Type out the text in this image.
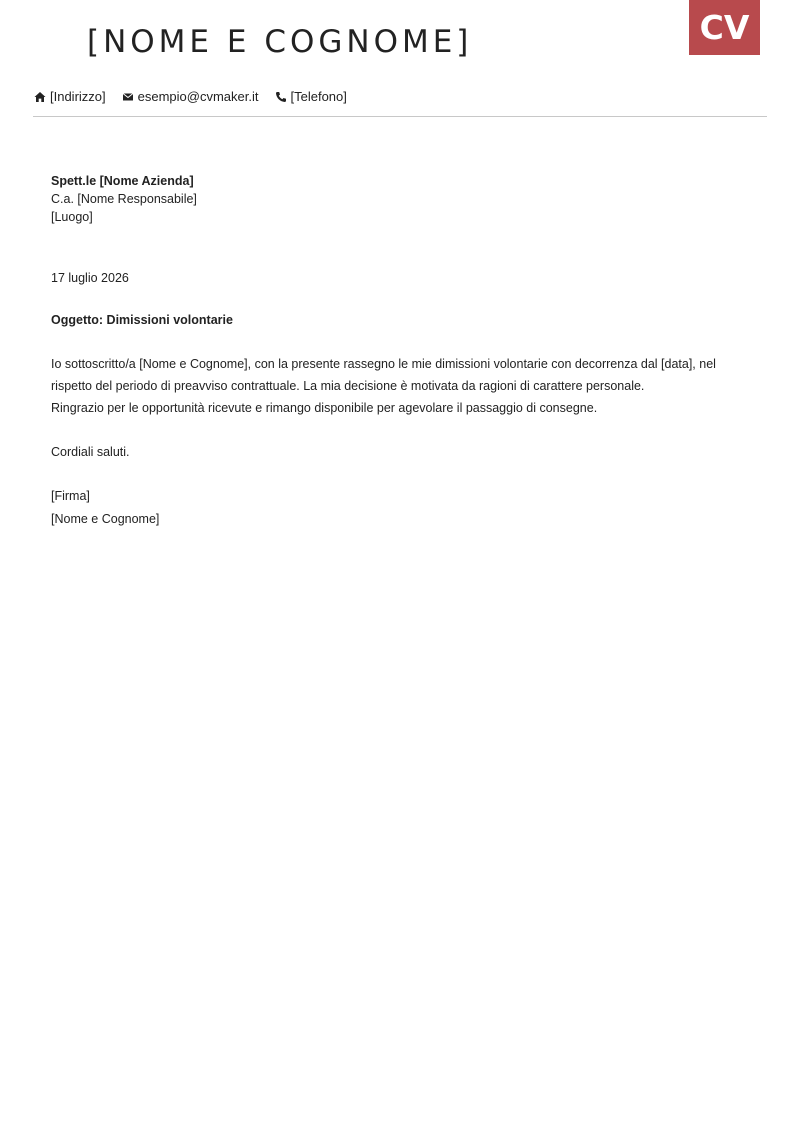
CV
[NOME E COGNOME]
[Indirizzo] esempio@cvmaker.it [Telefono]
Spett.le [Nome Azienda]
C.a. [Nome Responsabile]
[Luogo]
17 luglio 2026
Oggetto: Dimissioni volontarie

Io sottoscritto/a [Nome e Cognome], con la presente rassegno le mie dimissioni volontarie con decorrenza dal [data], nel rispetto del periodo di preavviso contrattuale. La mia decisione è motivata da ragioni di carattere personale.

Ringrazio per le opportunità ricevute e rimango disponibile per agevolare il passaggio di consegne.

Cordiali saluti.
[Firma]
[Nome e Cognome]
